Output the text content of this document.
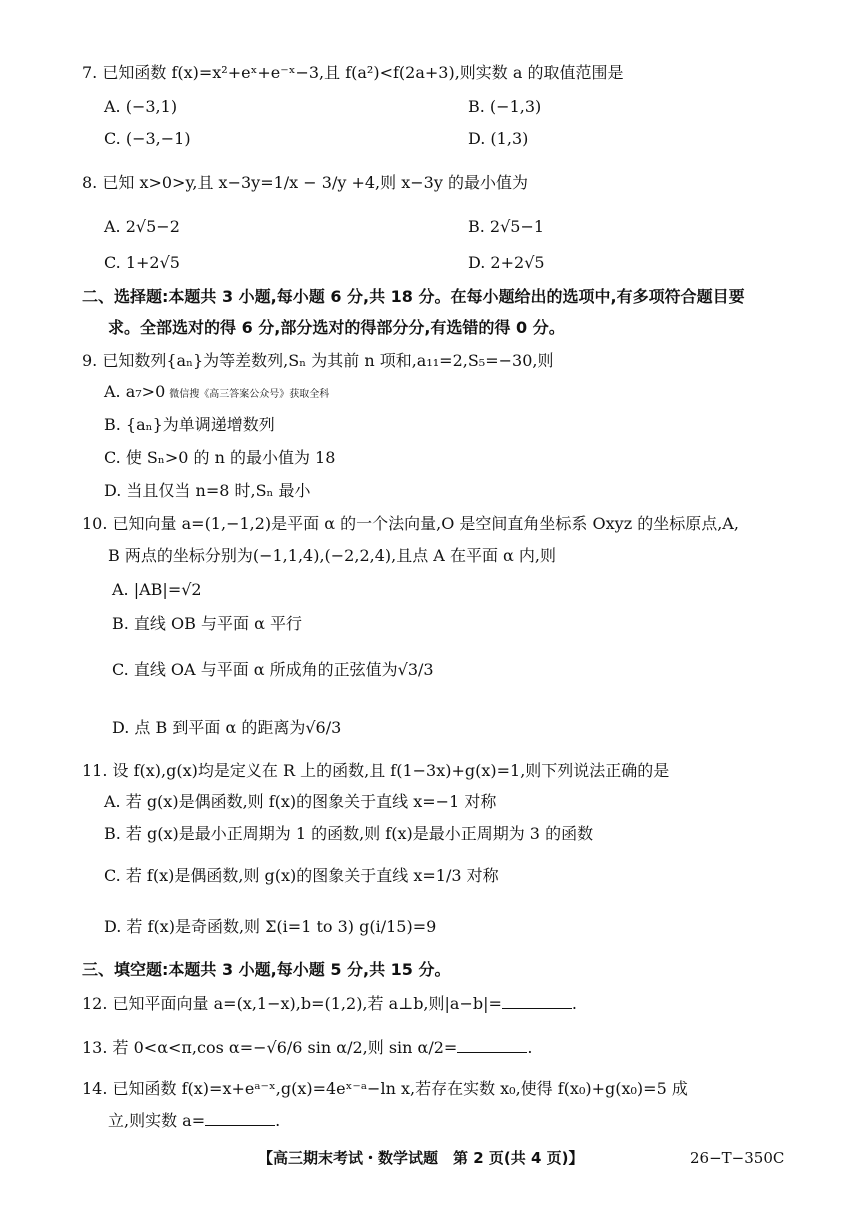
7. 已知函数 f(x)=x²+eˣ+e⁻ˣ−3,且 f(a²)<f(2a+3),则实数 a 的取值范围是
A. (−3,1)	B. (−1,3)
C. (−3,−1)	D. (1,3)
8. 已知 x>0>y,且 x−3y=1/x − 3/y +4,则 x−3y 的最小值为
A. 2√5−2	B. 2√5−1
C. 1+2√5	D. 2+2√5
二、选择题:本题共 3 小题,每小题 6 分,共 18 分。在每小题给出的选项中,有多项符合题目要
求。全部选对的得 6 分,部分选对的得部分分,有选错的得 0 分。
9. 已知数列{aₙ}为等差数列,Sₙ 为其前 n 项和,a₁₁=2,S₅=−30,则
A. a₇>0 微信搜《高三答案公众号》获取全科
B. {aₙ}为单调递增数列
C. 使 Sₙ>0 的 n 的最小值为 18
D. 当且仅当 n=8 时,Sₙ 最小
10. 已知向量 a=(1,−1,2)是平面 α 的一个法向量,O 是空间直角坐标系 Oxyz 的坐标原点,A,
B 两点的坐标分别为(−1,1,4),(−2,2,4),且点 A 在平面 α 内,则
A. |AB|=√2
B. 直线 OB 与平面 α 平行
C. 直线 OA 与平面 α 所成角的正弦值为√3/3
D. 点 B 到平面 α 的距离为√6/3
11. 设 f(x),g(x)均是定义在 R 上的函数,且 f(1−3x)+g(x)=1,则下列说法正确的是
A. 若 g(x)是偶函数,则 f(x)的图象关于直线 x=−1 对称
B. 若 g(x)是最小正周期为 1 的函数,则 f(x)是最小正周期为 3 的函数
C. 若 f(x)是偶函数,则 g(x)的图象关于直线 x=1/3 对称
D. 若 f(x)是奇函数,则 Σ(i=1 to 3) g(i/15)=9
三、填空题:本题共 3 小题,每小题 5 分,共 15 分。
12. 已知平面向量 a=(x,1−x),b=(1,2),若 a⊥b,则|a−b|=	.
13. 若 0<α<π,cos α=−√6/6 sin α/2,则 sin α/2=	.
14. 已知函数 f(x)=x+eᵃ⁻ˣ,g(x)=4eˣ⁻ᵃ−ln x,若存在实数 x₀,使得 f(x₀)+g(x₀)=5 成
立,则实数 a=	.
【高三期末考试・数学试题　第 2 页(共 4 页)】	26−T−350C
